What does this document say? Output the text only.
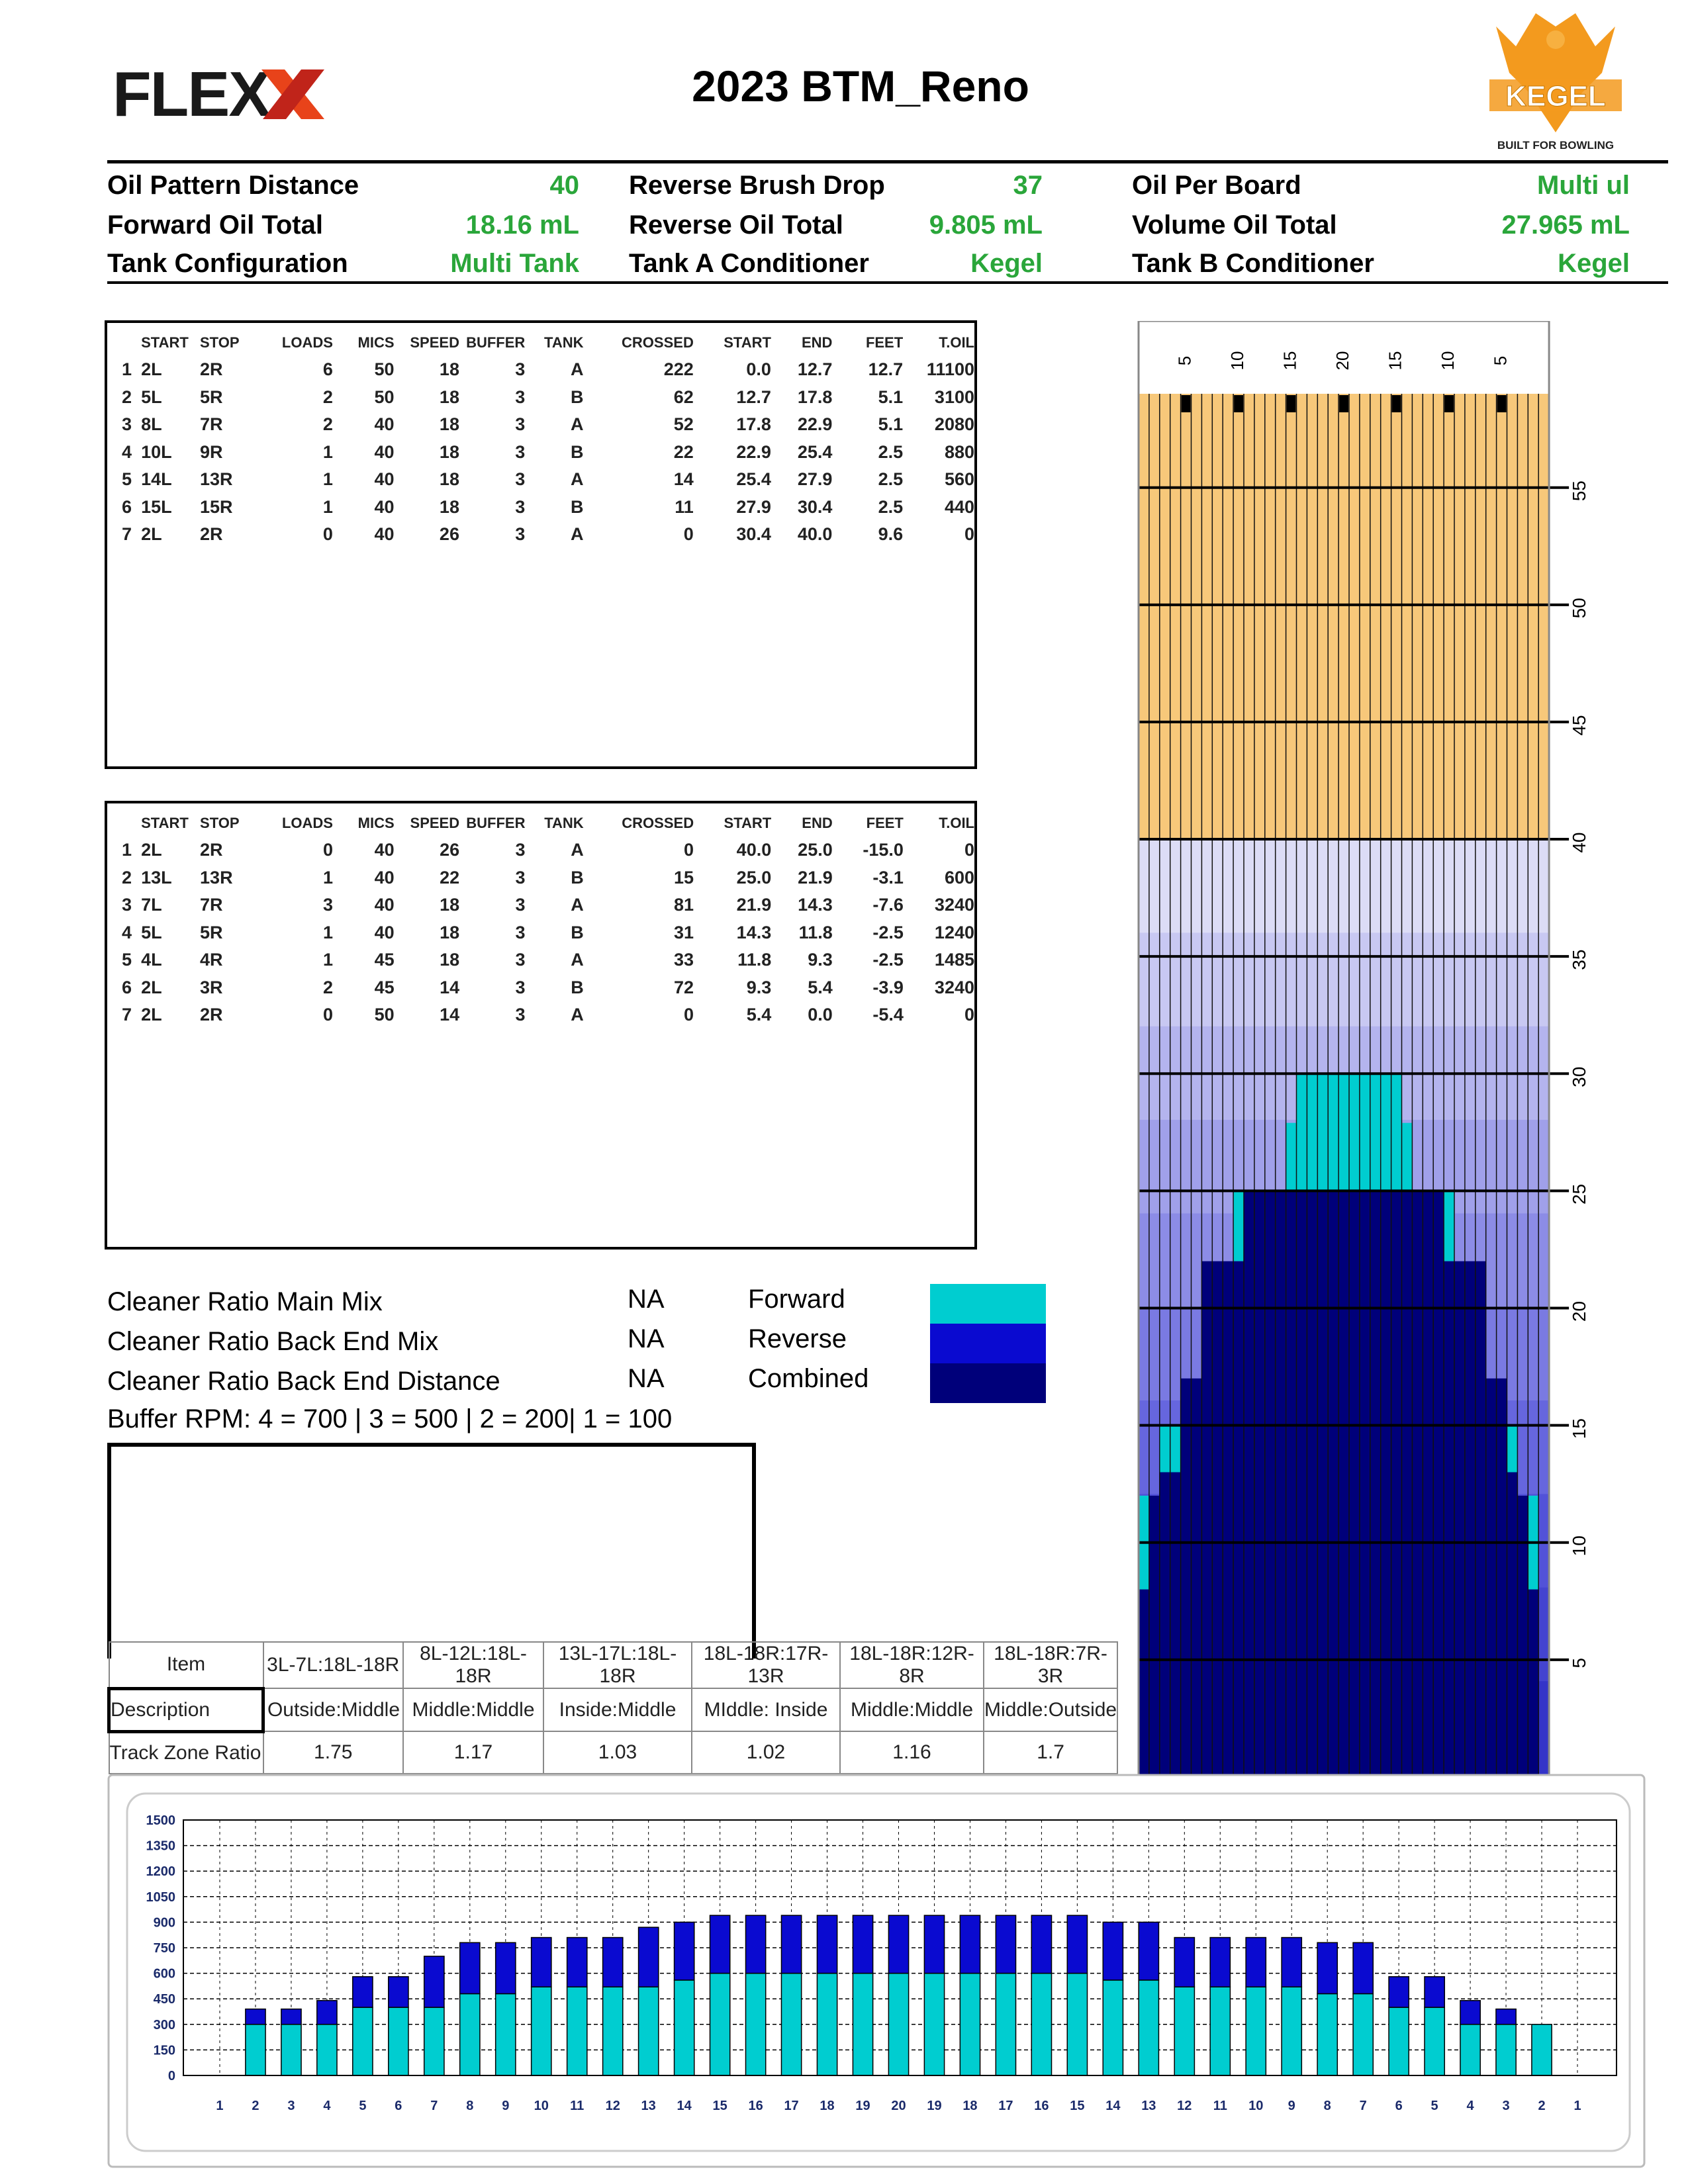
FLEX	2023 BTM_Reno	KEGEL
BUILT FOR BOWLING
Oil Pattern Distance	40 Reverse Brush Drop	37	Oil Per Board	Multi ul
Forward Oil Total	18.16 mL Reverse Oil Total	9.805 mL	Volume Oil Total	27.965 mL
Tank Configuration	Multi Tank Tank A Conditioner	Kegel	Tank B Conditioner	Kegel
	START	STOP	LOADS	MICS	SPEED	BUFFER	TANK	CROSSED	START	END	FEET	T.OIL
1	2L	2R	6	50	18	3	A	222	0.0	12.7	12.7	11100
2	5L	5R	2	50	18	3	B	62	12.7	17.8	5.1	3100
3	8L	7R	2	40	18	3	A	52	17.8	22.9	5.1	2080
4	10L	9R	1	40	18	3	B	22	22.9	25.4	2.5	880
5	14L	13R	1	40	18	3	A	14	25.4	27.9	2.5	560
6	15L	15R	1	40	18	3	B	11	27.9	30.4	2.5	440
7	2L	2R	0	40	26	3	A	0	30.4	40.0	9.6	0
	START	STOP	LOADS	MICS	SPEED	BUFFER	TANK	CROSSED	START	END	FEET	T.OIL
1	2L	2R	0	40	26	3	A	0	40.0	25.0	-15.0	0
2	13L	13R	1	40	22	3	B	15	25.0	21.9	-3.1	600
3	7L	7R	3	40	18	3	A	81	21.9	14.3	-7.6	3240
4	5L	5R	1	40	18	3	B	31	14.3	11.8	-2.5	1240
5	4L	4R	1	45	18	3	A	33	11.8	9.3	-2.5	1485
6	2L	3R	2	45	14	3	B	72	9.3	5.4	-3.9	3240
7	2L	2R	0	50	14	3	A	0	5.4	0.0	-5.4	0
Cleaner Ratio Main Mix	NA
Cleaner Ratio Back End Mix	NA
Cleaner Ratio Back End Distance	NA
Buffer RPM: 4 = 700 | 3 = 500 | 2 = 200| 1 = 100
Forward
Reverse
Combined
Item	3L-7L:18L-18R	8L-12L:18L-18R	13L-17L:18L-18R	18L-18R:17R-13R	18L-18R:12R-8R	18L-18R:7R-3R
Description	Outside:Middle	Middle:Middle	Inside:Middle	MIddle: Inside	Middle:Middle	Middle:Outside
Track Zone Ratio	1.75	1.17	1.03	1.02	1.16	1.7
5
10
15
20
25
30
35
40
45
50
55
5 10 15 20 15 10 5
0
150
300
450
600
750
900
1050
1200
1350
1500
1 2 3 4 5 6 7 8 9 10 11 12 13 14 15 16 17 18 19 20 19 18 17 16 15 14 13 12 11 10 9 8 7 6 5 4 3 2 1
